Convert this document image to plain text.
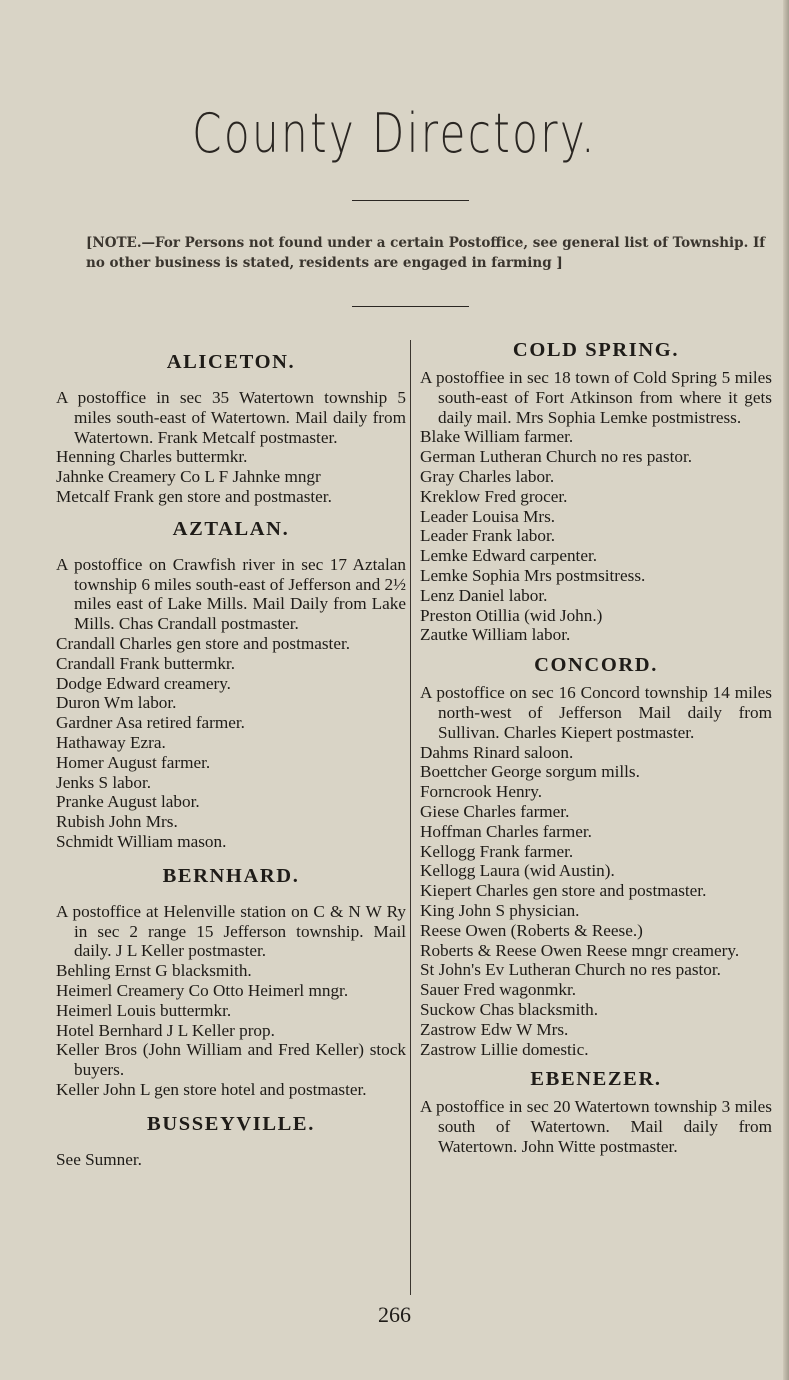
County Directory.

[NOTE.—For Persons not found under a certain Postoffice, see general list of Township. If no other business is stated, residents are engaged in farming ]

ALICETON.

A postoffice in sec 35 Watertown township 5 miles south-east of Watertown. Mail daily from Watertown. Frank Metcalf postmaster.

Henning Charles buttermkr.

Jahnke Creamery Co L F Jahnke mngr

Metcalf Frank gen store and postmaster.

AZTALAN.

A postoffice on Crawfish river in sec 17 Aztalan township 6 miles south-east of Jefferson and 2½ miles east of Lake Mills. Mail Daily from Lake Mills. Chas Crandall postmaster.

Crandall Charles gen store and postmaster.

Crandall Frank buttermkr.

Dodge Edward creamery.

Duron Wm labor.

Gardner Asa retired farmer.

Hathaway Ezra.

Homer August farmer.

Jenks S labor.

Pranke August labor.

Rubish John Mrs.

Schmidt William mason.

BERNHARD.

A postoffice at Helenville station on C & N W Ry in sec 2 range 15 Jefferson township. Mail daily. J L Keller postmaster.

Behling Ernst G blacksmith.

Heimerl Creamery Co Otto Heimerl mngr.

Heimerl Louis buttermkr.

Hotel Bernhard J L Keller prop.

Keller Bros (John William and Fred Keller) stock buyers.

Keller John L gen store hotel and postmaster.

BUSSEYVILLE.

See Sumner.

COLD SPRING.

A postoffiee in sec 18 town of Cold Spring 5 miles south-east of Fort Atkinson from where it gets daily mail. Mrs Sophia Lemke postmistress.

Blake William farmer.

German Lutheran Church no res pastor.

Gray Charles labor.

Kreklow Fred grocer.

Leader Louisa Mrs.

Leader Frank labor.

Lemke Edward carpenter.

Lemke Sophia Mrs postmsitress.

Lenz Daniel labor.

Preston Otillia (wid John.)

Zautke William labor.

CONCORD.

A postoffice on sec 16 Concord township 14 miles north-west of Jefferson Mail daily from Sullivan. Charles Kiepert postmaster.

Dahms Rinard saloon.

Boettcher George sorgum mills.

Forncrook Henry.

Giese Charles farmer.

Hoffman Charles farmer.

Kellogg Frank farmer.

Kellogg Laura (wid Austin).

Kiepert Charles gen store and postmaster.

King John S physician.

Reese Owen (Roberts & Reese.)

Roberts & Reese Owen Reese mngr creamery.

St John's Ev Lutheran Church no res pastor.

Sauer Fred wagonmkr.

Suckow Chas blacksmith.

Zastrow Edw W Mrs.

Zastrow Lillie domestic.

EBENEZER.

A postoffice in sec 20 Watertown township 3 miles south of Watertown. Mail daily from Watertown. John Witte postmaster.

266
